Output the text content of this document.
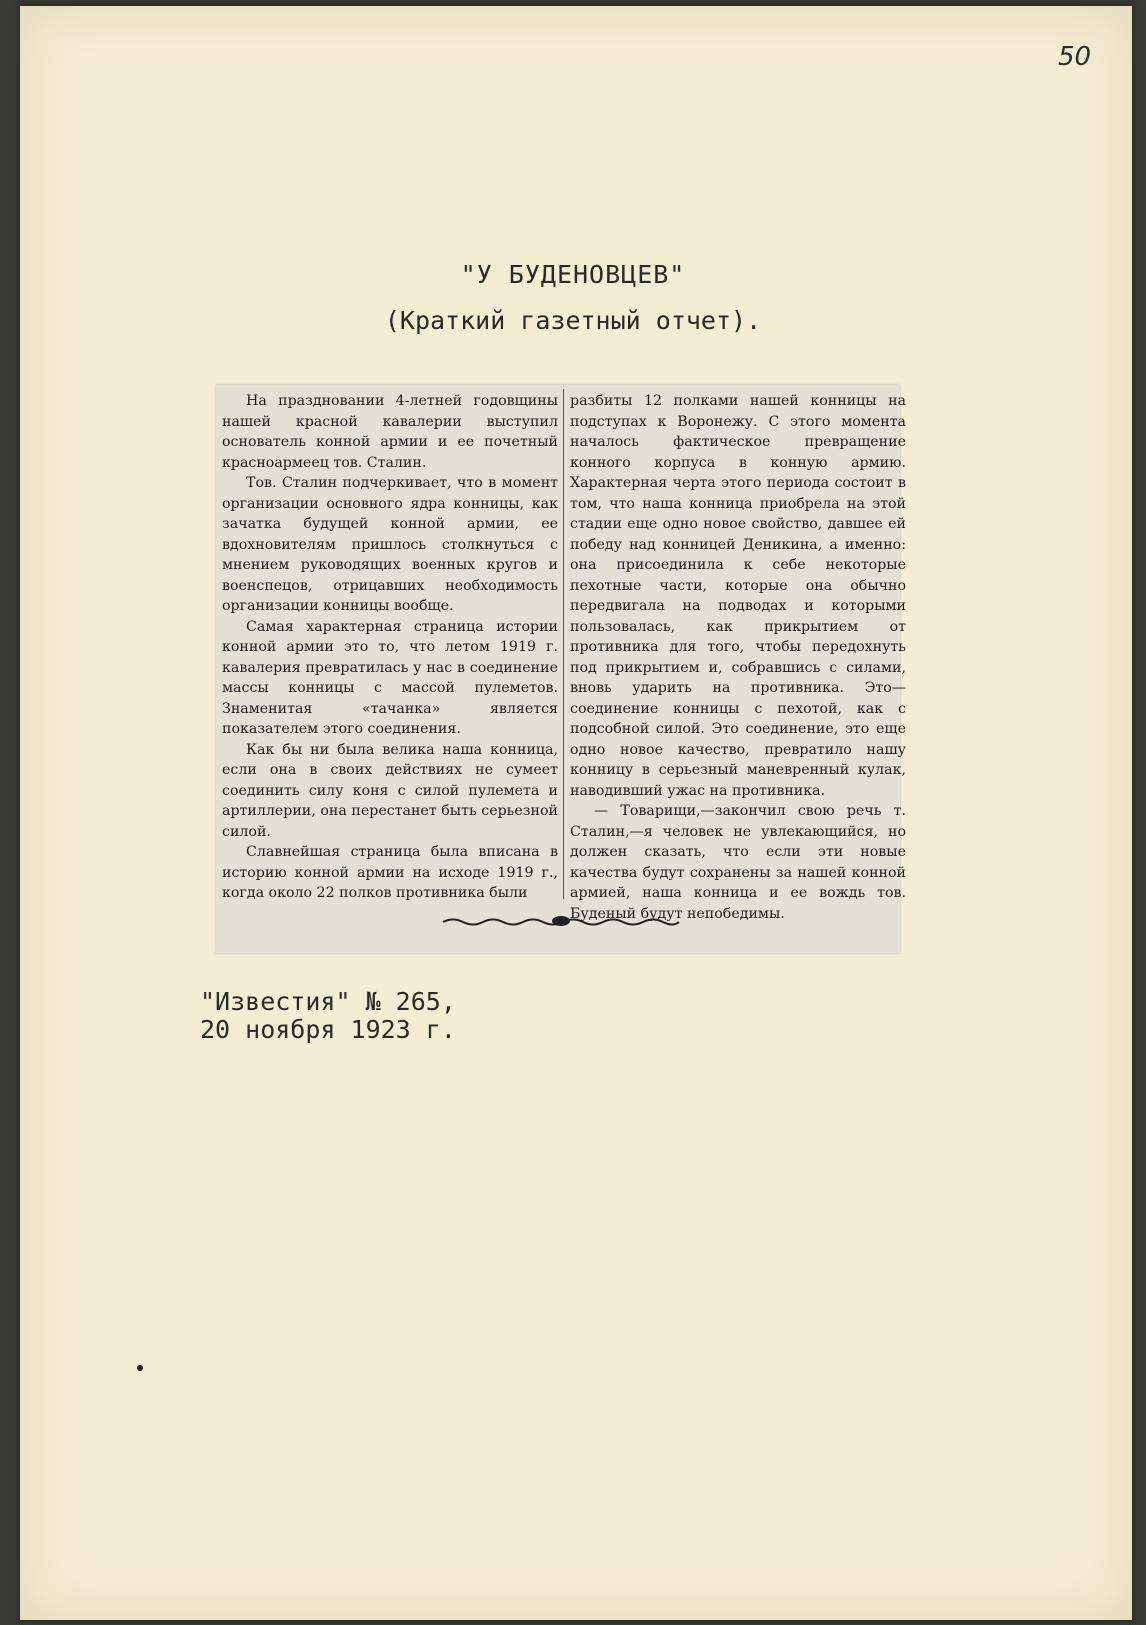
50
"У БУДЕНОВЦЕВ"
(Краткий газетный отчет).

На праздновании 4-летней годовщины нашей красной кавалерии выступил основатель конной армии и ее почетный красноармеец тов. Сталин.

Тов. Сталин подчеркивает, что в момент организации основного ядра конницы, как зачатка будущей конной армии, ее вдохновителям пришлось столкнуться с мнением руководящих военных кругов и военспецов, отрицавших необходимость организации конницы вообще.

Самая характерная страница истории конной армии это то, что летом 1919 г. кавалерия превратилась у нас в соединение массы конницы с массой пулеметов. Знаменитая «тачанка» является показателем этого соединения.

Как бы ни была велика наша конница, если она в своих действиях не сумеет соединить силу коня с силой пулемета и артиллерии, она перестанет быть серьезной силой.

Славнейшая страница была вписана в историю конной армии на исходе 1919 г., когда около 22 полков противника были

разбиты 12 полками нашей конницы на подступах к Воронежу. С этого момента началось фактическое превращение конного корпуса в конную армию. Характерная черта этого периода состоит в том, что наша конница приобрела на этой стадии еще одно новое свойство, давшее ей победу над конницей Деникина, а именно: она присоединила к себе некоторые пехотные части, которые она обычно передвигала на подводах и которыми пользовалась, как прикрытием от противника для того, чтобы передохнуть под прикрытием и, собравшись с силами, вновь ударить на противника. Это—соединение конницы с пехотой, как с подсобной силой. Это соединение, это еще одно новое качество, превратило нашу конницу в серьезный маневренный кулак, наводивший ужас на противника.

— Товарищи,—закончил свою речь т. Сталин,—я человек не увлекающийся, но должен сказать, что если эти новые качества будут сохранены за нашей конной армией, наша конница и ее вождь тов. Буденый будут непобедимы.

"Известия" № 265,
20 ноября 1923 г.
